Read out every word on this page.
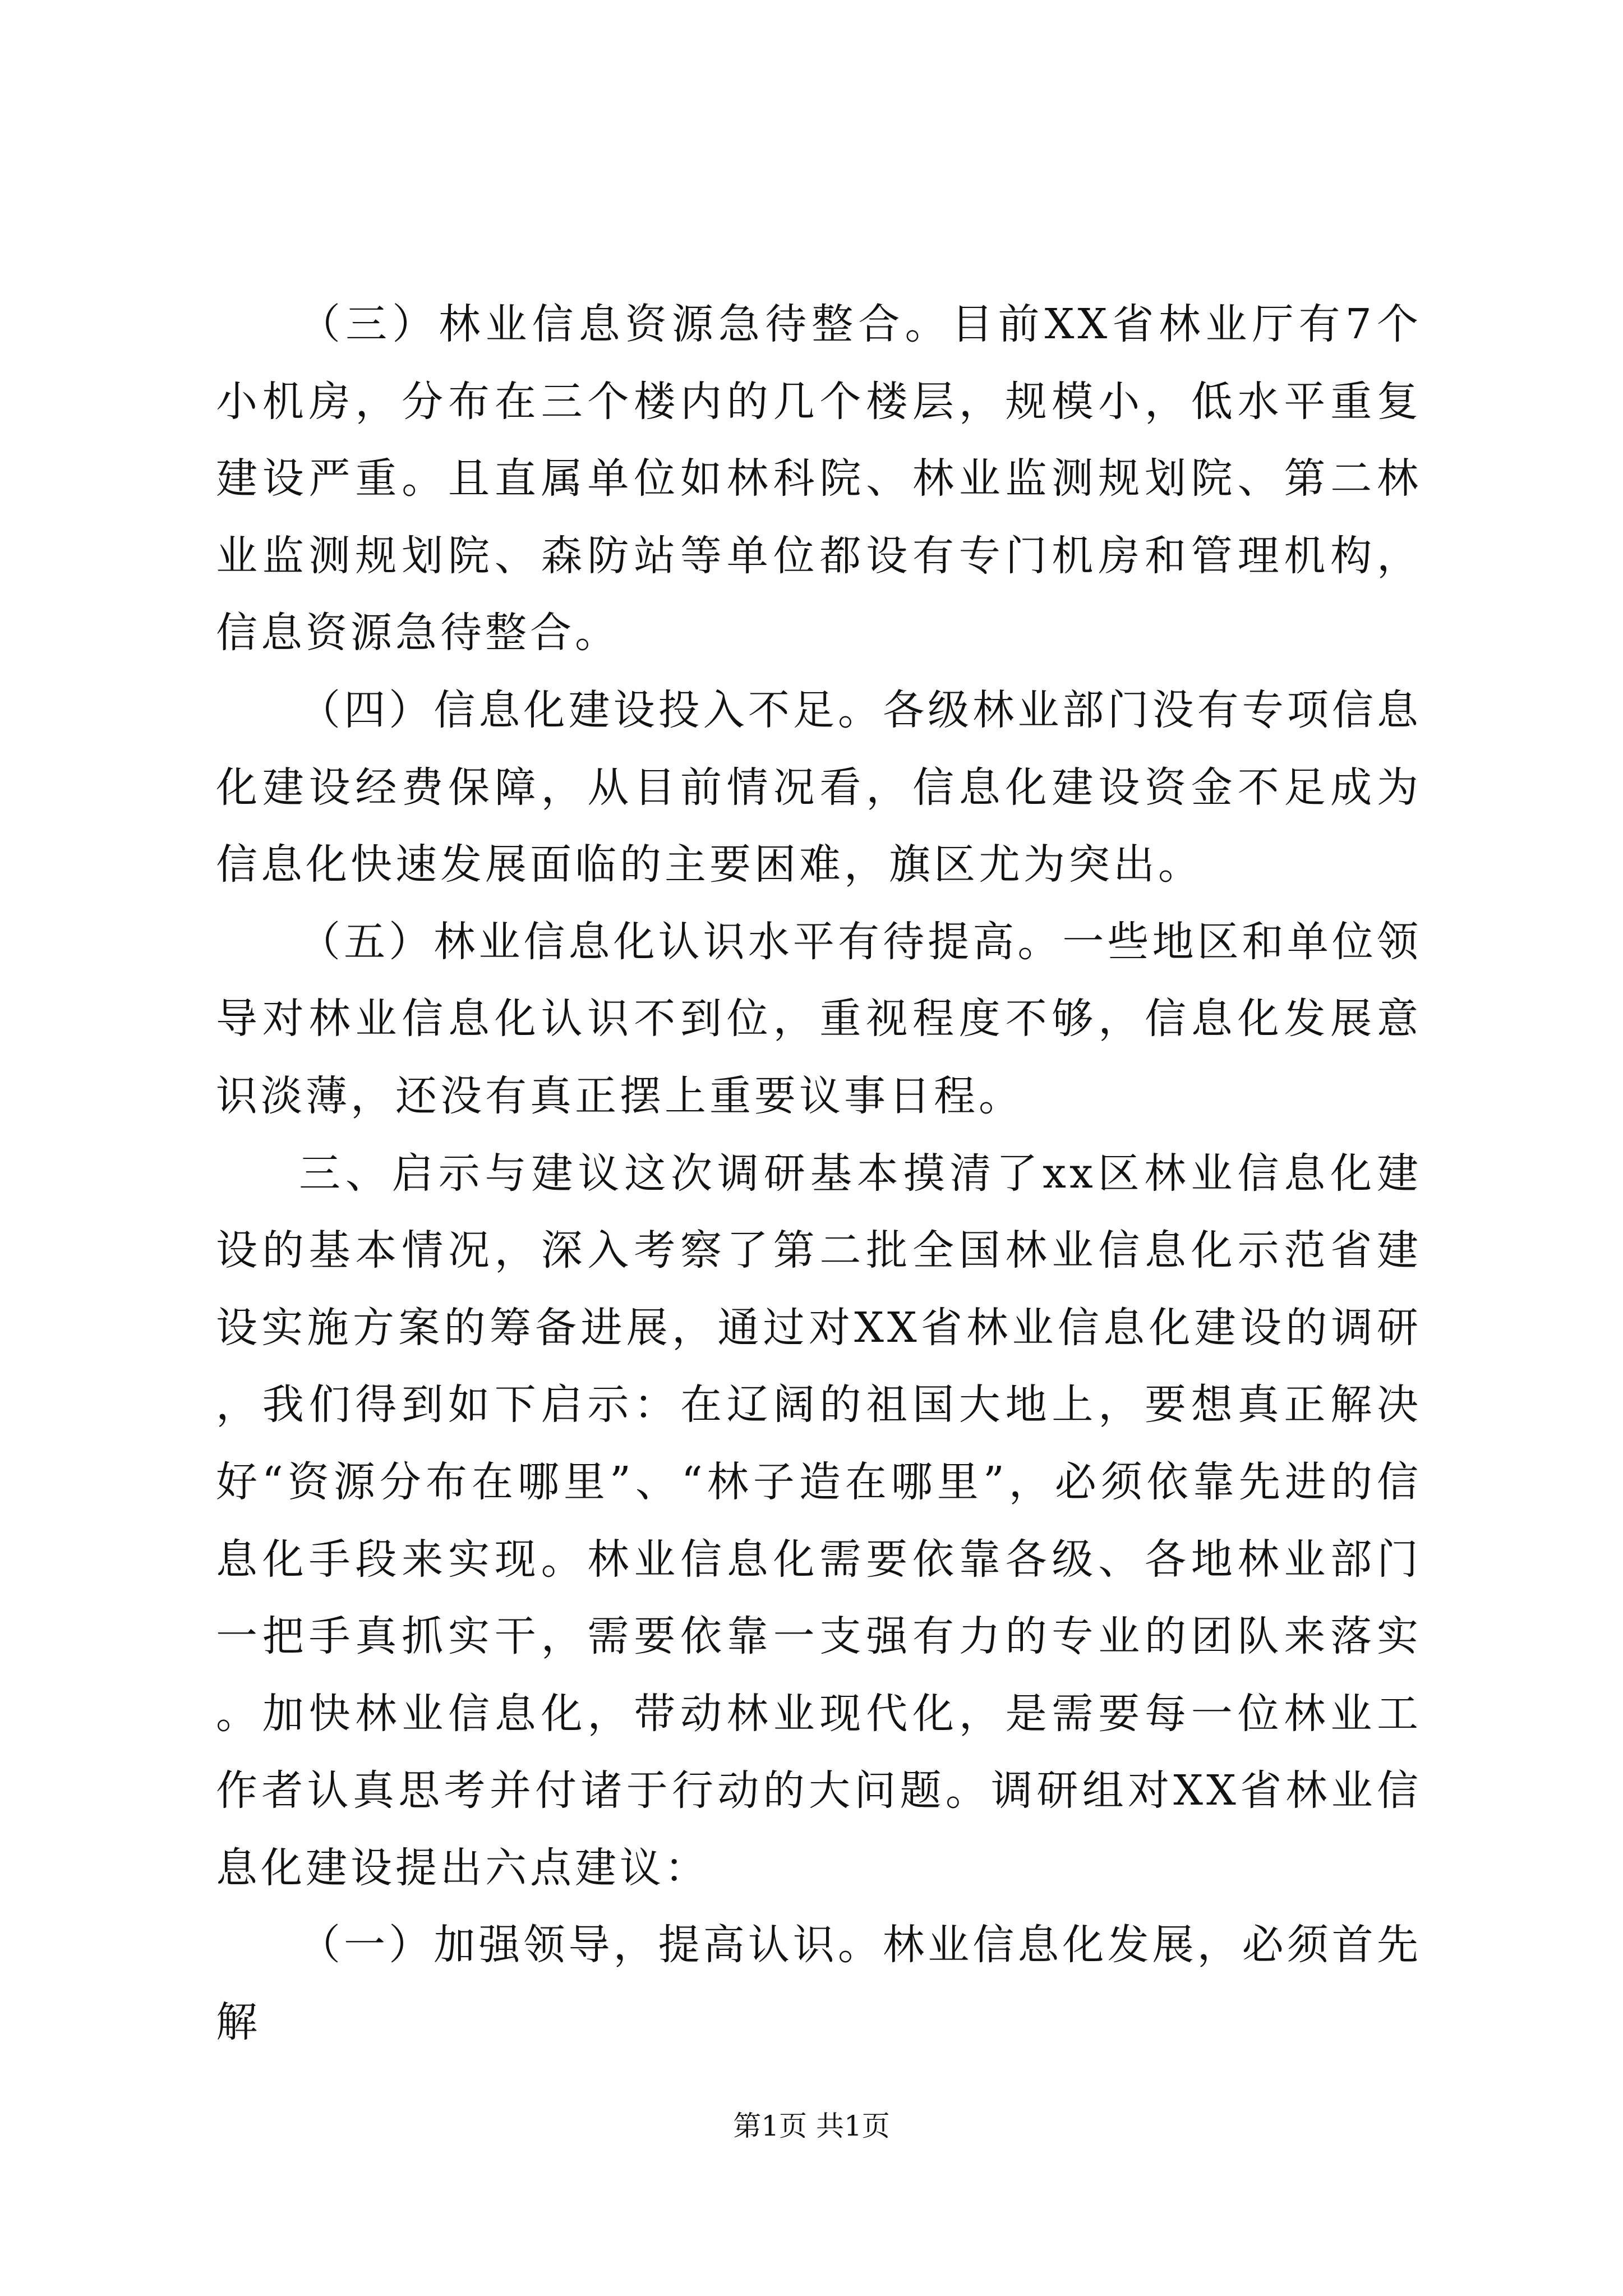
（三）林业信息资源急待整合。目前XX省林业厅有7个小机房，分布在三个楼内的几个楼层，规模小，低水平重复建设严重。且直属单位如林科院、林业监测规划院、第二林业监测规划院、森防站等单位都设有专门机房和管理机构，信息资源急待整合。

（四）信息化建设投入不足。各级林业部门没有专项信息化建设经费保障，从目前情况看，信息化建设资金不足成为信息化快速发展面临的主要困难，旗区尤为突出。

（五）林业信息化认识水平有待提高。一些地区和单位领导对林业信息化认识不到位，重视程度不够，信息化发展意识淡薄，还没有真正摆上重要议事日程。

三、启示与建议这次调研基本摸清了xx区林业信息化建设的基本情况，深入考察了第二批全国林业信息化示范省建设实施方案的筹备进展，通过对XX省林业信息化建设的调研，我们得到如下启示：在辽阔的祖国大地上，要想真正解决好“资源分布在哪里”、“林子造在哪里”，必须依靠先进的信息化手段来实现。林业信息化需要依靠各级、各地林业部门一把手真抓实干，需要依靠一支强有力的专业的团队来落实。加快林业信息化，带动林业现代化，是需要每一位林业工作者认真思考并付诸于行动的大问题。调研组对XX省林业信息化建设提出六点建议：

（一）加强领导，提高认识。林业信息化发展，必须首先解

第1页 共1页
